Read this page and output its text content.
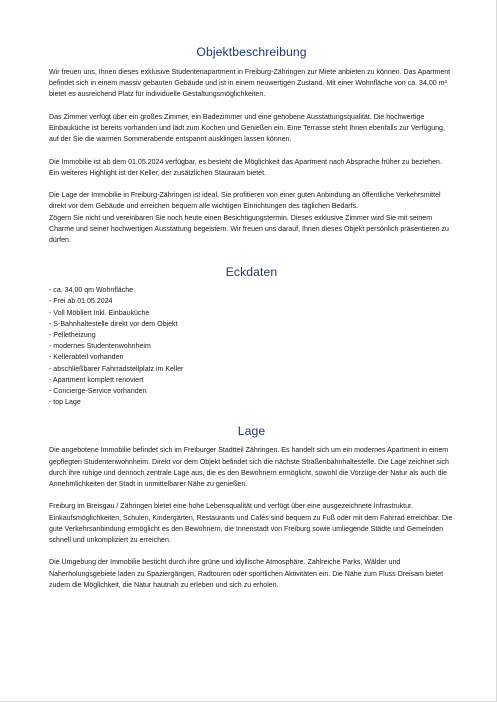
Objektbeschreibung

Wir freuen uns, Ihnen dieses exklusive Studentenapartment in Freiburg-Zähringen zur Miete anbieten zu können. Das Apartment befindet sich in einem massiv gebauten Gebäude und ist in einem neuwertigen Zustand. Mit einer Wohnfläche von ca. 34,00 m² bietet es ausreichend Platz für individuelle Gestaltungsmöglichkeiten.

Das Zimmer verfügt über ein großes Zimmer, ein Badezimmer und eine gehobene Ausstattungsqualität. Die hochwertige Einbauküche ist bereits vorhanden und lädt zum Kochen und Genießen ein. Eine Terrasse steht Ihnen ebenfalls zur Verfügung, auf der Sie die warmen Sommerabende entspannt ausklingen lassen können.

Die Immobilie ist ab dem 01.05.2024 verfügbar, es besteht die Möglichkeit das Apartment nach Absprache früher zu beziehen. Ein weiteres Highlight ist der Keller, der zusätzlichen Stauraum bietet.

Die Lage der Immobilie in Freiburg-Zähringen ist ideal. Sie profitieren von einer guten Anbindung an öffentliche Verkehrsmittel direkt vor dem Gebäude und erreichen bequem alle wichtigen Einrichtungen des täglichen Bedarfs.

Zögern Sie nicht und vereinbaren Sie noch heute einen Besichtigungstermin. Dieses exklusive Zimmer wird Sie mit seinem Charme und seiner hochwertigen Ausstattung begeistern. Wir freuen uns darauf, Ihnen dieses Objekt persönlich präsentieren zu dürfen.

Eckdaten
- ca. 34,00 qm Wohnfläche
- Frei ab 01.05.2024
- Voll Möbliert Inkl. Einbauküche
- S-Bahnhaltestelle direkt vor dem Objekt
- Pelletheizung
- modernes Studentenwohnheim
- Kellerabteil vorhanden
- abschließbarer Fahrradstellplatz im Keller
- Apartment komplett renoviert
- Concierge-Service vorhanden
- top Lage
Lage

Die angebotene Immobilie befindet sich im Freiburger Stadtteil Zähringen. Es handelt sich um ein modernes Apartment in einem gepflegten Studentenwohnheim. Direkt vor dem Objekt befindet sich die nächste Straßenbahnhaltestelle. Die Lage zeichnet sich durch ihre ruhige und dennoch zentrale Lage aus, die es den Bewohnern ermöglicht, sowohl die Vorzüge der Natur als auch die Annehmlichkeiten der Stadt in unmittelbarer Nähe zu genießen.

Freiburg im Breisgau / Zähringen bietet eine hohe Lebensqualität und verfügt über eine ausgezeichnete Infrastruktur. Einkaufsmöglichkeiten, Schulen, Kindergärten, Restaurants und Cafés sind bequem zu Fuß oder mit dem Fahrrad erreichbar. Die gute Verkehrsanbindung ermöglicht es den Bewohnern, die Innenstadt von Freiburg sowie umliegende Städte und Gemeinden schnell und unkompliziert zu erreichen.

Die Umgebung der Immobilie besticht durch ihre grüne und idyllische Atmosphäre. Zahlreiche Parks, Wälder und Naherholungsgebiete laden zu Spaziergängen, Radtouren oder sportlichen Aktivitäten ein. Die Nähe zum Fluss Dreisam bietet zudem die Möglichkeit, die Natur hautnah zu erleben und sich zu erholen.
